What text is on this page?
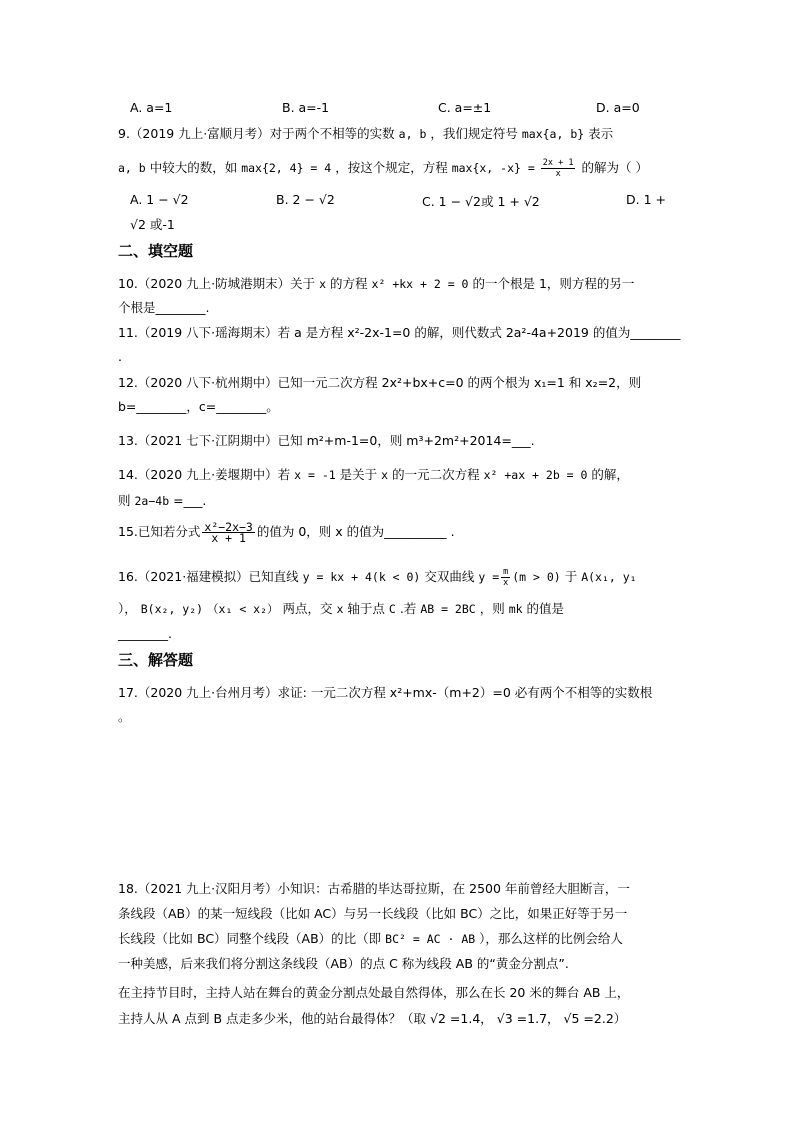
A. a=1	B. a=-1	C. a=±1	D. a=0
9.（2019 九上·富顺月考）对于两个不相等的实数 a, b ，我们规定符号 max{a, b} 表示
a, b 中较大的数，如 max{2, 4} = 4 ，按这个规定，方程 max{x, $-x\} = \frac{2x + 1}{x}$ 的解为（ ）
A. 1 − √2	B. 2 − √2	C. 1 − √2或 1 + √2	D. 1 +
√2 或-1
二、填空题
10.（2020 九上·防城港期末）关于 x 的方程 x² +kx + 2 = 0 的一个根是 1，则方程的另一
个根是________.
11.（2019 八下·瑶海期末）若 a 是方程 x²-2x-1=0 的解，则代数式 2a²-4a+2019 的值为________
.
12.（2020 八下·杭州期中）已知一元二次方程 2x²+bx+c=0 的两个根为 x₁=1 和 x₂=2，则
b=________，c=________。
13.（2021 七下·江阴期中）已知 m²+m-1=0，则 m³+2m²+2014=___.
14.（2020 九上·姜堰期中）若 x = -1 是关于 x 的一元二次方程 x² +ax + 2b = 0 的解，
则 2a−4b =___.
15.已知若分式 $\frac{\text{x²−2x−3}}{x + 1}$ 的值为 0，则 x 的值为__________ .
16.（2021·福建模拟）已知直线 y = kx + 4(k < 0) 交双曲线 $y = \frac{m}{x} (m > 0)$ 于 A(x₁, y₁
）， B(x₂, y₂) （x₁ < x₂） 两点，交 x 轴于点 C .若 AB = 2BC ，则 mk 的值是
________.
三、解答题
17.（2020 九上·台州月考）求证: 一元二次方程 x²+mx-（m+2）=0 必有两个不相等的实数根
。
18.（2021 九上·汉阳月考）小知识：古希腊的毕达哥拉斯，在 2500 年前曾经大胆断言，一
条线段（AB）的某一短线段（比如 AC）与另一长线段（比如 BC）之比，如果正好等于另一
长线段（比如 BC）同整个线段（AB）的比（即 BC² = AC · AB ），那么这样的比例会给人
一种美感，后来我们将分割这条线段（AB）的点 C 称为线段 AB 的“黄金分割点”.
在主持节目时，主持人站在舞台的黄金分割点处最自然得体，那么在长 20 米的舞台 AB 上，
主持人从 A 点到 B 点走多少米，他的站台最得体？（取 √2 =1.4， √3 =1.7， √5 =2.2）
